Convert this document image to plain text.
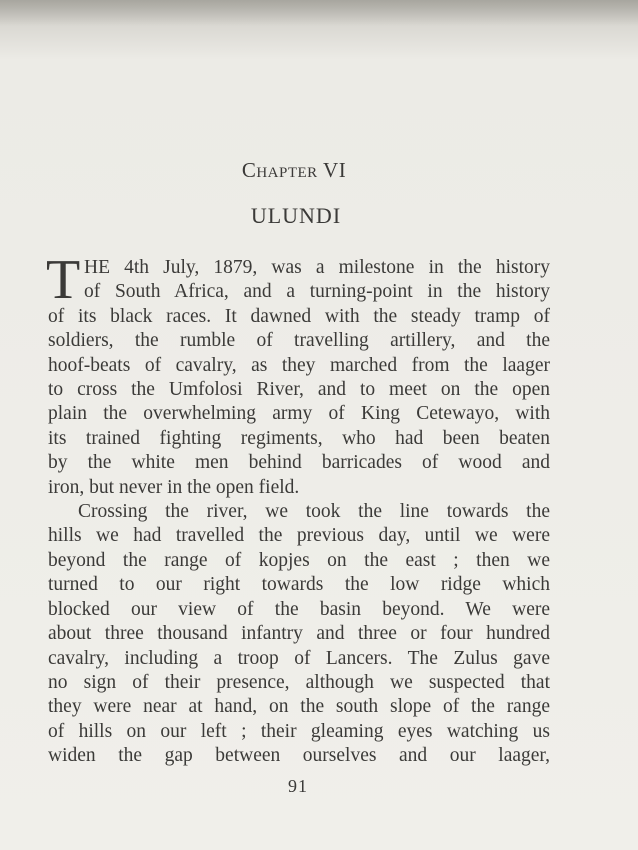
Chapter VI
ULUNDI
T HE 4th July, 1879, was a milestone in the history
of South Africa, and a turning-point in the history
of its black races. It dawned with the steady tramp of
soldiers, the rumble of travelling artillery, and the
hoof-beats of cavalry, as they marched from the laager
to cross the Umfolosi River, and to meet on the open
plain the overwhelming army of King Cetewayo, with
its trained fighting regiments, who had been beaten
by the white men behind barricades of wood and
iron, but never in the open field.
Crossing the river, we took the line towards the
hills we had travelled the previous day, until we were
beyond the range of kopjes on the east ; then we
turned to our right towards the low ridge which
blocked our view of the basin beyond. We were
about three thousand infantry and three or four hundred
cavalry, including a troop of Lancers. The Zulus gave
no sign of their presence, although we suspected that
they were near at hand, on the south slope of the range
of hills on our left ; their gleaming eyes watching us
widen the gap between ourselves and our laager,
91
